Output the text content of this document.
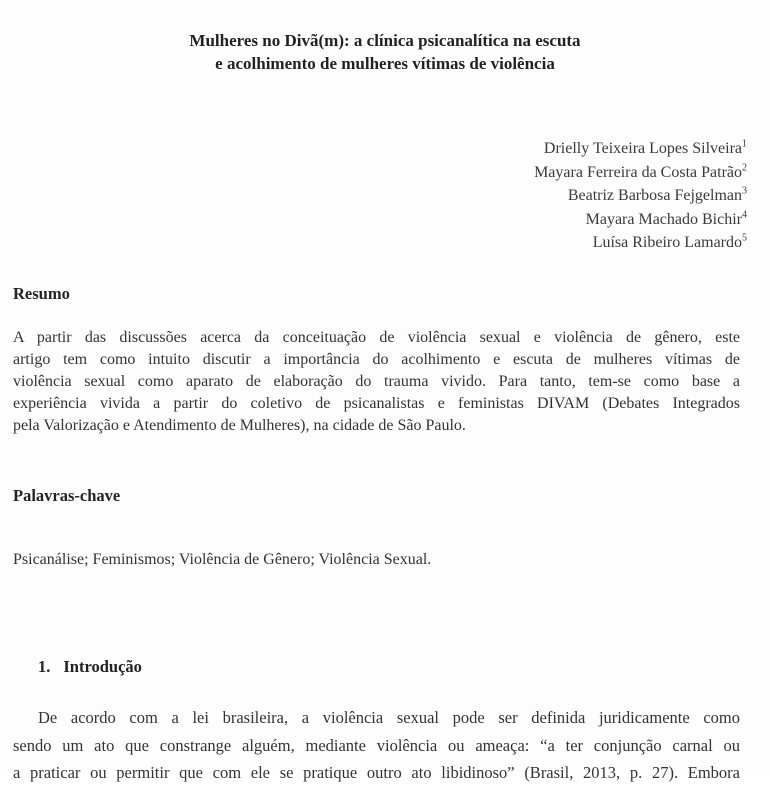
Mulheres no Divã(m): a clínica psicanalítica na escuta
e acolhimento de mulheres vítimas de violência
Drielly Teixeira Lopes Silveira$^1$
Mayara Ferreira da Costa Patrão$^2$
Beatriz Barbosa Fejgelman$^3$
Mayara Machado Bichir$^4$
Luísa Ribeiro Lamardo$^5$
Resumo
A partir das discussões acerca da conceituação de violência sexual e violência de gênero, este
artigo tem como intuito discutir a importância do acolhimento e escuta de mulheres vítimas de
violência sexual como aparato de elaboração do trauma vivido. Para tanto, tem-se como base a
experiência vivida a partir do coletivo de psicanalistas e feministas DIVAM (Debates Integrados
pela Valorização e Atendimento de Mulheres), na cidade de São Paulo.
Palavras-chave

Psicanálise; Feminismos; Violência de Gênero; Violência Sexual.

1. Introdução
De acordo com a lei brasileira, a violência sexual pode ser definida juridicamente como
sendo um ato que constrange alguém, mediante violência ou ameaça: “a ter conjunção carnal ou
a praticar ou permitir que com ele se pratique outro ato libidinoso” (Brasil, 2013, p. 27). Embora
